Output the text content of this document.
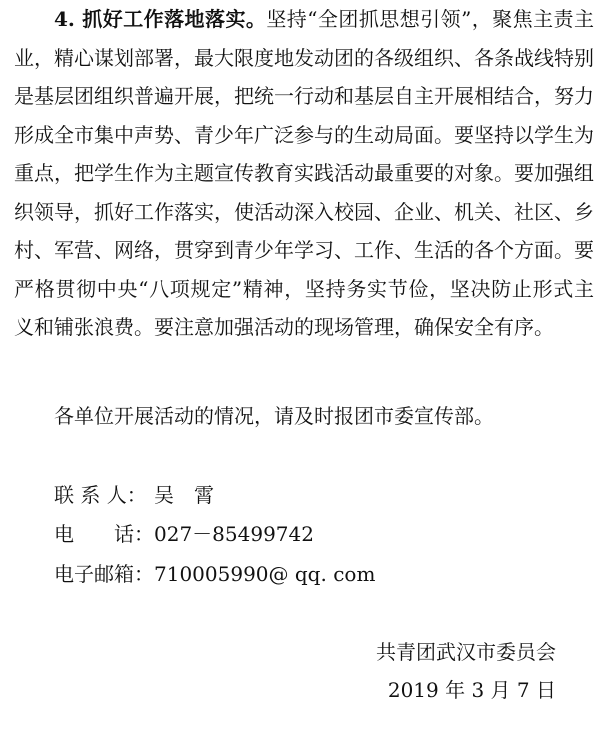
4. 抓好工作落地落实。坚持“全团抓思想引领”，聚焦主责主业，精心谋划部署，最大限度地发动团的各级组织、各条战线特别是基层团组织普遍开展，把统一行动和基层自主开展相结合，努力形成全市集中声势、青少年广泛参与的生动局面。要坚持以学生为重点，把学生作为主题宣传教育实践活动最重要的对象。要加强组织领导，抓好工作落实，使活动深入校园、企业、机关、社区、乡村、军营、网络，贯穿到青少年学习、工作、生活的各个方面。要严格贯彻中央“八项规定”精神，坚持务实节俭，坚决防止形式主义和铺张浪费。要注意加强活动的现场管理，确保安全有序。

各单位开展活动的情况，请及时报团市委宣传部。

联 系 人： 吴　霄
电　　话：027－85499742
电子邮箱：710005990@ qq. com
共青团武汉市委员会
2019 年 3 月 7 日
